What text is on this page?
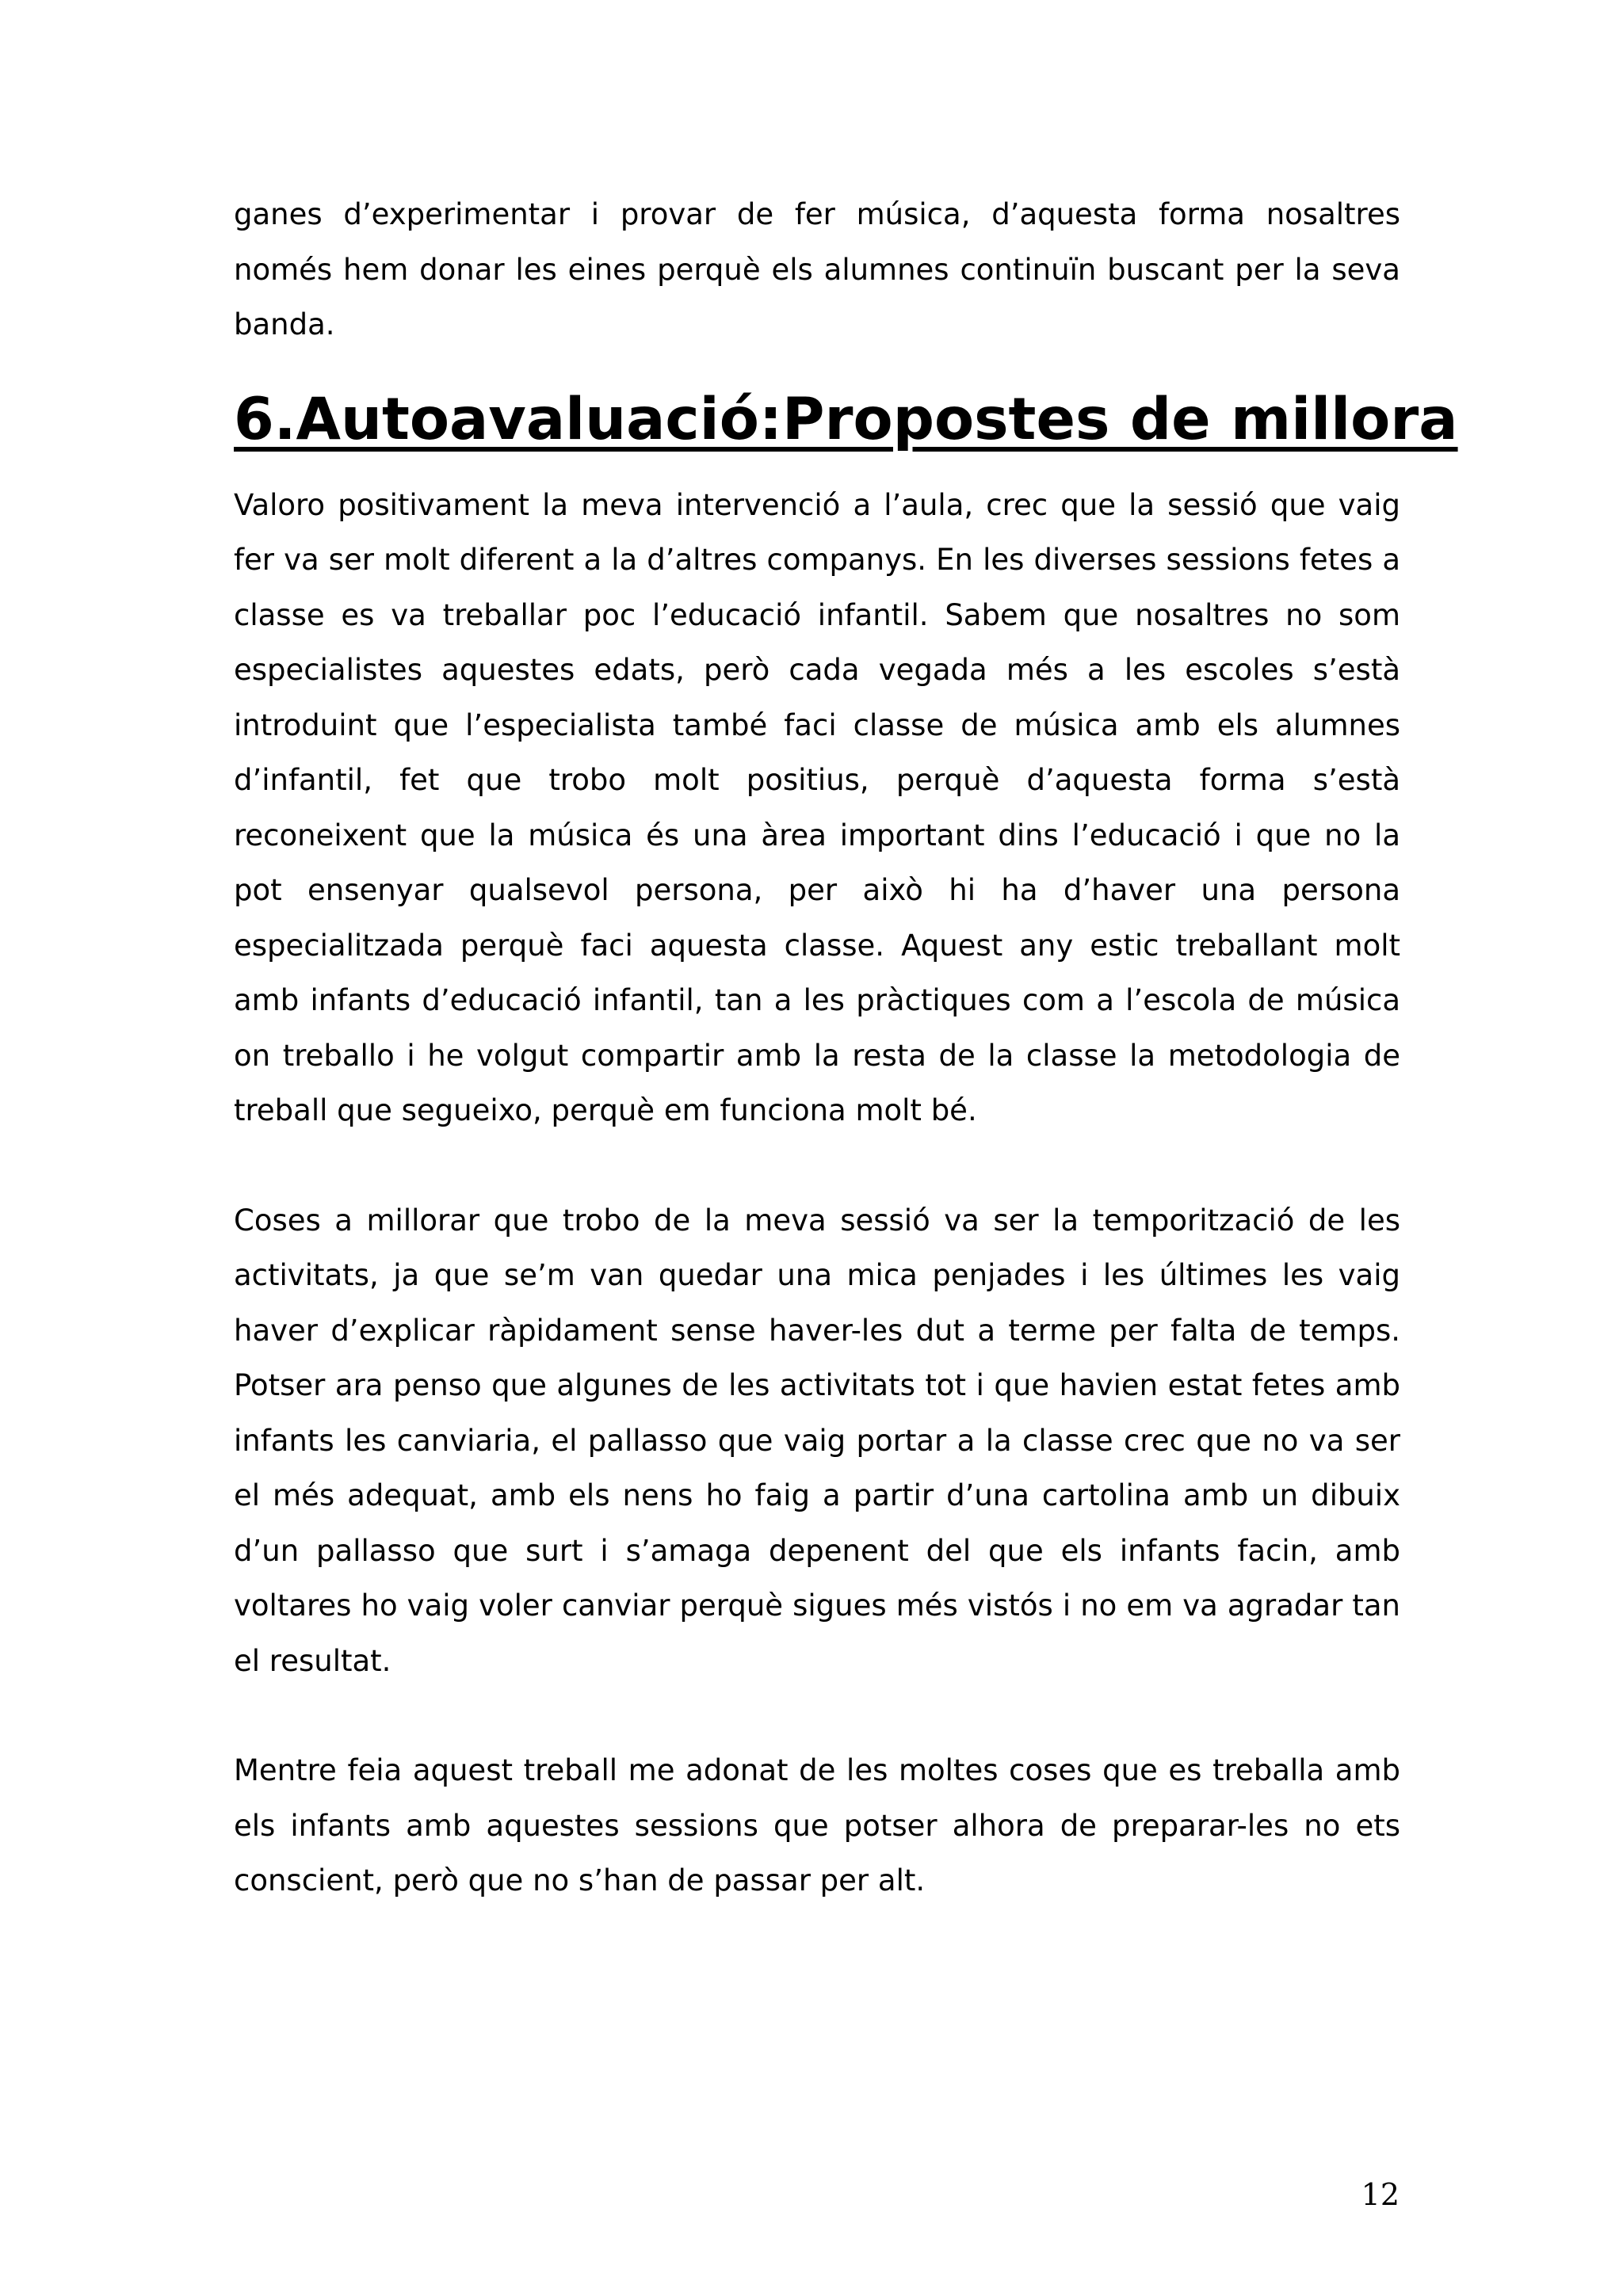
ganes d’experimentar i provar de fer música, d’aquesta forma nosaltres només hem donar les eines perquè els alumnes continuïn buscant per la seva banda.

6.Autoavaluació:Propostes de millora

Valoro positivament la meva intervenció a l’aula, crec que la sessió que vaig fer va ser molt diferent a la d’altres companys. En les diverses sessions fetes a classe es va treballar poc l’educació infantil. Sabem que nosaltres no som especialistes aquestes edats, però cada vegada més a les escoles s’està introduint que l’especialista també faci classe de música amb els alumnes d’infantil, fet que trobo molt positius, perquè d’aquesta forma s’està reconeixent que la música és una àrea important dins l’educació i que no la pot ensenyar qualsevol persona, per això hi ha d’haver una persona especialitzada perquè faci aquesta classe. Aquest any estic treballant molt amb infants d’educació infantil, tan a les pràctiques com a l’escola de música on treballo i he volgut compartir amb la resta de la classe la metodologia de treball que segueixo, perquè em funciona molt bé.

Coses a millorar que trobo de la meva sessió va ser la temporització de les activitats, ja que se’m van quedar una mica penjades i les últimes les vaig haver d’explicar ràpidament sense haver-les dut a terme per falta de temps. Potser ara penso que algunes de les activitats tot i que havien estat fetes amb infants les canviaria, el pallasso que vaig portar a la classe crec que no va ser el més adequat, amb els nens ho faig a partir d’una cartolina amb un dibuix d’un pallasso que surt i s’amaga depenent del que els infants facin, amb voltares ho vaig voler canviar perquè sigues més vistós i no em va agradar tan el resultat.

Mentre feia aquest treball me adonat de les moltes coses que es treballa amb els infants amb aquestes sessions que potser alhora de preparar-les no ets conscient, però que no s’han de passar per alt.

12
